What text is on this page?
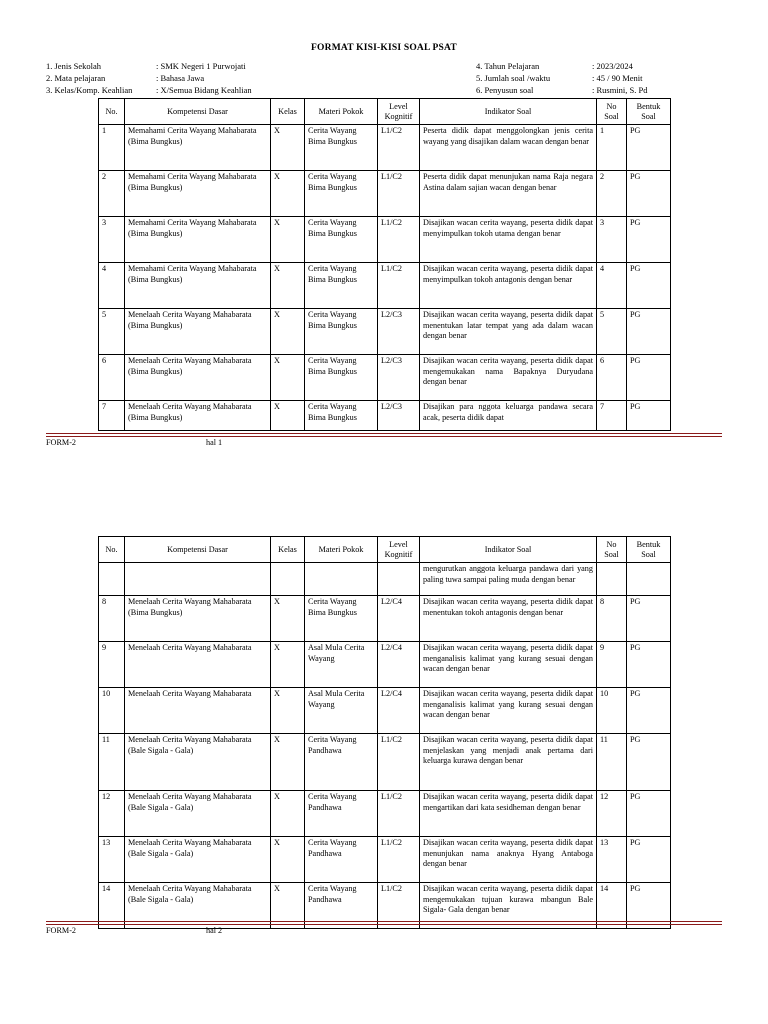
FORMAT KISI-KISI SOAL PSAT
1. Jenis Sekolah
2. Mata pelajaran
3. Kelas/Komp. Keahlian
: SMK Negeri 1 Purwojati
: Bahasa Jawa
: X/Semua Bidang Keahlian
4. Tahun Pelajaran
5. Jumlah soal /waktu
6. Penyusun soal
: 2023/2024
: 45 / 90 Menit
: Rusmini, S. Pd
No.	Kompetensi Dasar	Kelas	Materi Pokok	Level Kognitif	Indikator Soal	No Soal	Bentuk Soal
1	Memahami Cerita Wayang Mahabarata (Bima Bungkus)	X	Cerita Wayang Bima Bungkus	L1/C2	Peserta didik dapat menggolongkan jenis cerita wayang yang disajikan dalam wacan dengan benar	1	PG
2	Memahami Cerita Wayang Mahabarata (Bima Bungkus)	X	Cerita Wayang Bima Bungkus	L1/C2	Peserta didik dapat menunjukan nama Raja negara Astina dalam sajian wacan dengan benar	2	PG
3	Memahami Cerita Wayang Mahabarata (Bima Bungkus)	X	Cerita Wayang Bima Bungkus	L1/C2	Disajikan wacan cerita wayang, peserta didik dapat menyimpulkan tokoh utama dengan benar	3	PG
4	Memahami Cerita Wayang Mahabarata (Bima Bungkus)	X	Cerita Wayang Bima Bungkus	L1/C2	Disajikan wacan cerita wayang, peserta didik dapat menyimpulkan tokoh antagonis dengan benar	4	PG
5	Menelaah Cerita Wayang Mahabarata (Bima Bungkus)	X	Cerita Wayang Bima Bungkus	L2/C3	Disajikan wacan cerita wayang, peserta didik dapat menentukan latar tempat yang ada dalam wacan dengan benar	5	PG
6	Menelaah Cerita Wayang Mahabarata (Bima Bungkus)	X	Cerita Wayang Bima Bungkus	L2/C3	Disajikan wacan cerita wayang, peserta didik dapat mengemukakan nama Bapaknya Duryudana dengan benar	6	PG
7	Menelaah Cerita Wayang Mahabarata (Bima Bungkus)	X	Cerita Wayang Bima Bungkus	L2/C3	Disajikan para nggota keluarga pandawa secara acak, peserta didik dapat	7	PG
FORM-2	hal 1
No.	Kompetensi Dasar	Kelas	Materi Pokok	Level Kognitif	Indikator Soal	No Soal	Bentuk Soal
					mengurutkan anggota keluarga pandawa dari yang paling tuwa sampai paling muda dengan benar		
8	Menelaah Cerita Wayang Mahabarata (Bima Bungkus)	X	Cerita Wayang Bima Bungkus	L2/C4	Disajikan wacan cerita wayang, peserta didik dapat menentukan tokoh antagonis dengan benar	8	PG
9	Menelaah Cerita Wayang Mahabarata	X	Asal Mula Cerita Wayang	L2/C4	Disajikan wacan cerita wayang, peserta didik dapat menganalisis kalimat yang kurang sesuai dengan wacan dengan benar	9	PG
10	Menelaah Cerita Wayang Mahabarata	X	Asal Mula Cerita Wayang	L2/C4	Disajikan wacan cerita wayang, peserta didik dapat menganalisis kalimat yang kurang sesuai dengan wacan dengan benar	10	PG
11	Menelaah Cerita Wayang Mahabarata (Bale Sigala - Gala)	X	Cerita Wayang Pandhawa	L1/C2	Disajikan wacan cerita wayang, peserta didik dapat menjelaskan yang menjadi anak pertama dari keluarga kurawa dengan benar	11	PG
12	Menelaah Cerita Wayang Mahabarata (Bale Sigala - Gala)	X	Cerita Wayang Pandhawa	L1/C2	Disajikan wacan cerita wayang, peserta didik dapat mengartikan dari kata sesidheman dengan benar	12	PG
13	Menelaah Cerita Wayang Mahabarata (Bale Sigala - Gala)	X	Cerita Wayang Pandhawa	L1/C2	Disajikan wacan cerita wayang, peserta didik dapat menunjukan nama anaknya Hyang Antaboga dengan benar	13	PG
14	Menelaah Cerita Wayang Mahabarata (Bale Sigala - Gala)	X	Cerita Wayang Pandhawa	L1/C2	Disajikan wacan cerita wayang, peserta didik dapat mengemukakan tujuan kurawa mbangun Bale Sigala- Gala dengan benar	14	PG
FORM-2	hal 2
